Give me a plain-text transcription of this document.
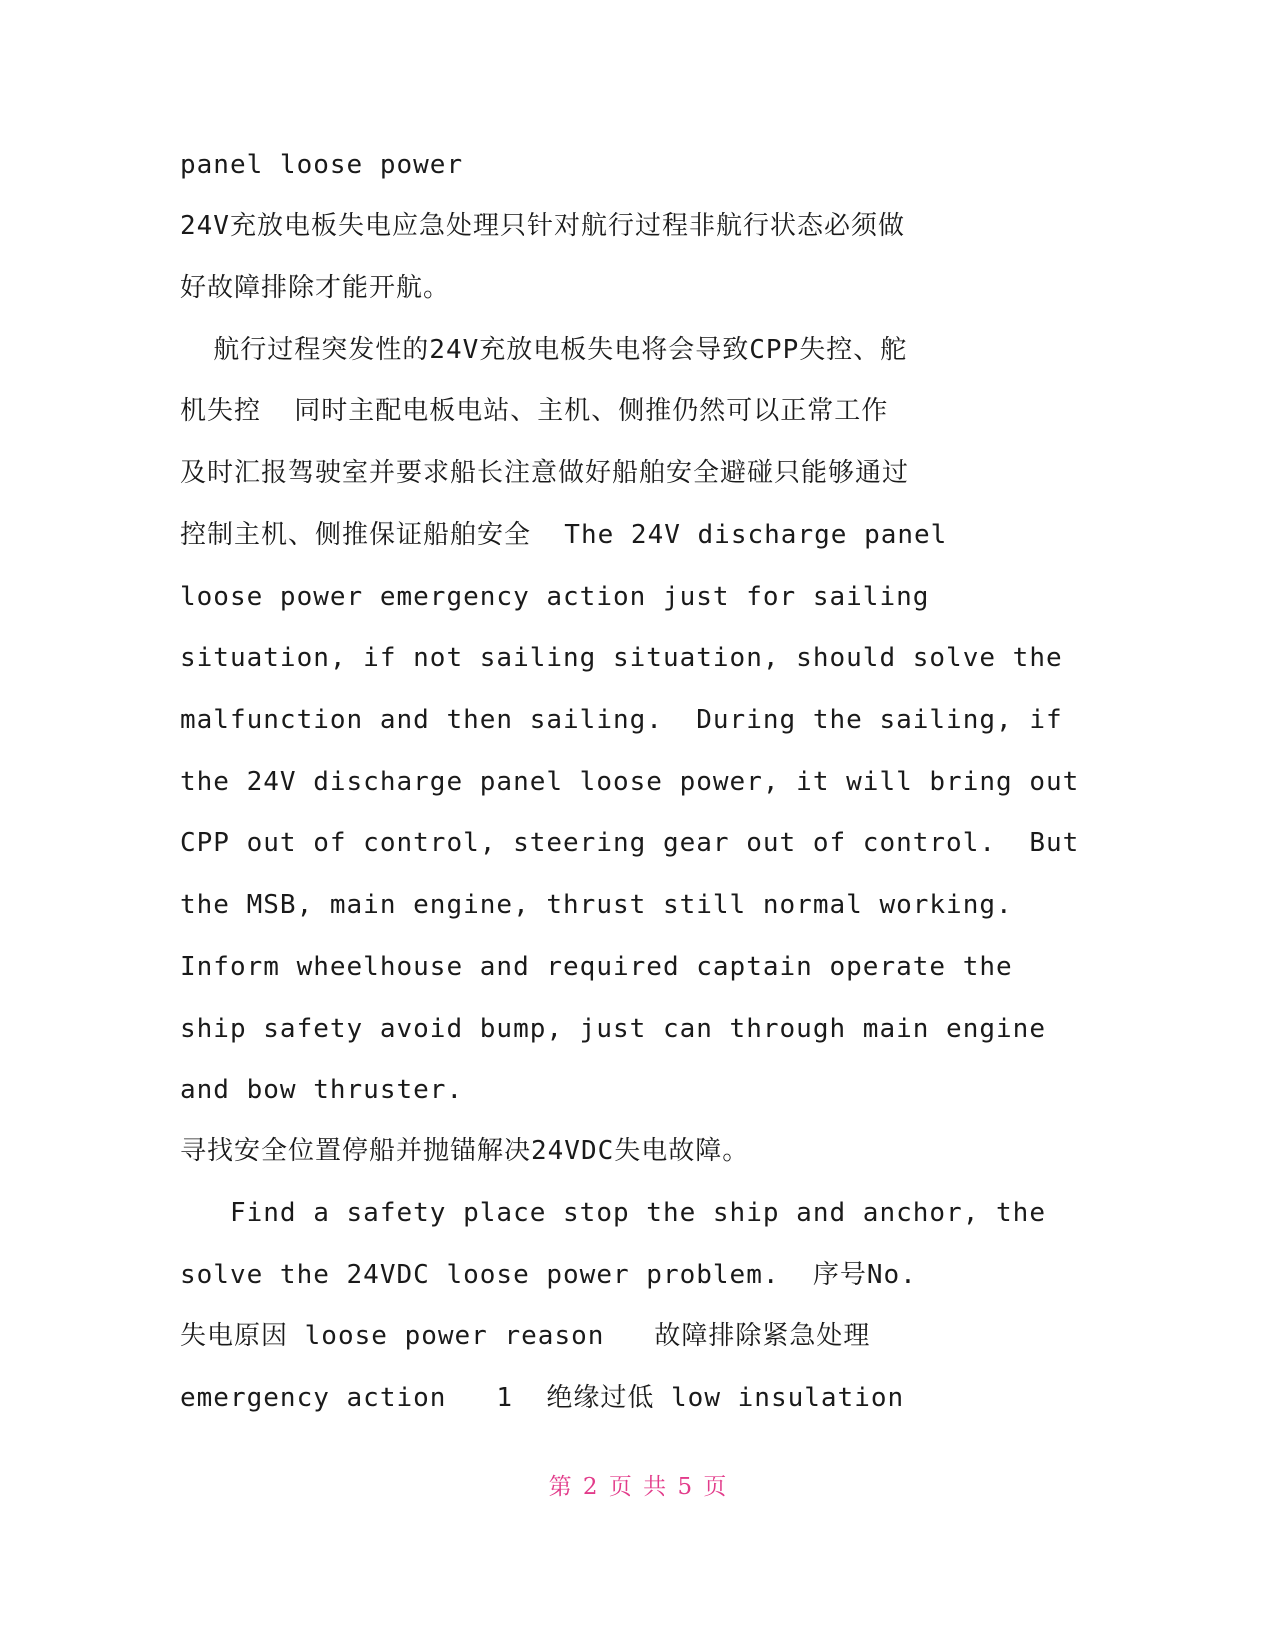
panel loose power
24V充放电板失电应急处理只针对航行过程非航行状态必须做
好故障排除才能开航。
航行过程突发性的24V充放电板失电将会导致CPP失控、舵
机失控  同时主配电板电站、主机、侧推仍然可以正常工作
及时汇报驾驶室并要求船长注意做好船舶安全避碰只能够通过
控制主机、侧推保证船舶安全  The 24V discharge panel
loose power emergency action just for sailing
situation, if not sailing situation, should solve the
malfunction and then sailing.  During the sailing, if
the 24V discharge panel loose power, it will bring out
CPP out of control, steering gear out of control.  But
the MSB, main engine, thrust still normal working.
Inform wheelhouse and required captain operate the
ship safety avoid bump, just can through main engine
and bow thruster.
寻找安全位置停船并抛锚解决24VDC失电故障。
Find a safety place stop the ship and anchor, the
solve the 24VDC loose power problem.  序号No.
失电原因 loose power reason   故障排除紧急处理
emergency action   1  绝缘过低 low insulation
第 2 页 共 5 页
